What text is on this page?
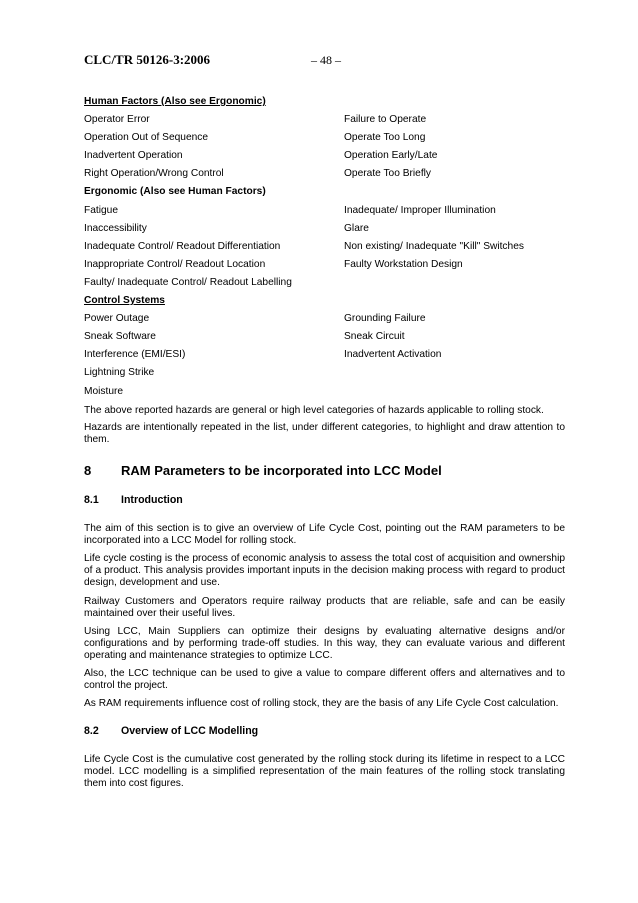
CLC/TR 50126-3:2006	– 48 –
Human Factors (Also see Ergonomic)
Operator Error	Failure to Operate
Operation Out of Sequence	Operate Too Long
Inadvertent Operation	Operation Early/Late
Right Operation/Wrong Control	Operate Too Briefly
Ergonomic (Also see Human Factors)
Fatigue	Inadequate/ Improper Illumination
Inaccessibility	Glare
Inadequate Control/ Readout Differentiation	Non existing/ Inadequate "Kill" Switches
Inappropriate Control/ Readout Location	Faulty Workstation Design
Faulty/ Inadequate Control/ Readout Labelling
Control Systems
Power Outage	Grounding Failure
Sneak Software	Sneak Circuit
Interference (EMI/ESI)	Inadvertent Activation
Lightning Strike
Moisture

The above reported hazards are general or high level categories of hazards applicable to rolling stock.

Hazards are intentionally repeated in the list, under different categories, to highlight and draw attention to them.

8 RAM Parameters to be incorporated into LCC Model
8.1 Introduction

The aim of this section is to give an overview of Life Cycle Cost, pointing out the RAM parameters to be incorporated into a LCC Model for rolling stock.

Life cycle costing is the process of economic analysis to assess the total cost of acquisition and ownership of a product. This analysis provides important inputs in the decision making process with regard to product design, development and use.

Railway Customers and Operators require railway products that are reliable, safe and can be easily maintained over their useful lives.

Using LCC, Main Suppliers can optimize their designs by evaluating alternative designs and/or configurations and by performing trade-off studies. In this way, they can evaluate various and different operating and maintenance strategies to optimize LCC.

Also, the LCC technique can be used to give a value to compare different offers and alternatives and to control the project.

As RAM requirements influence cost of rolling stock, they are the basis of any Life Cycle Cost calculation.

8.2 Overview of LCC Modelling

Life Cycle Cost is the cumulative cost generated by the rolling stock during its lifetime in respect to a LCC model. LCC modelling is a simplified representation of the main features of the rolling stock translating them into cost figures.
